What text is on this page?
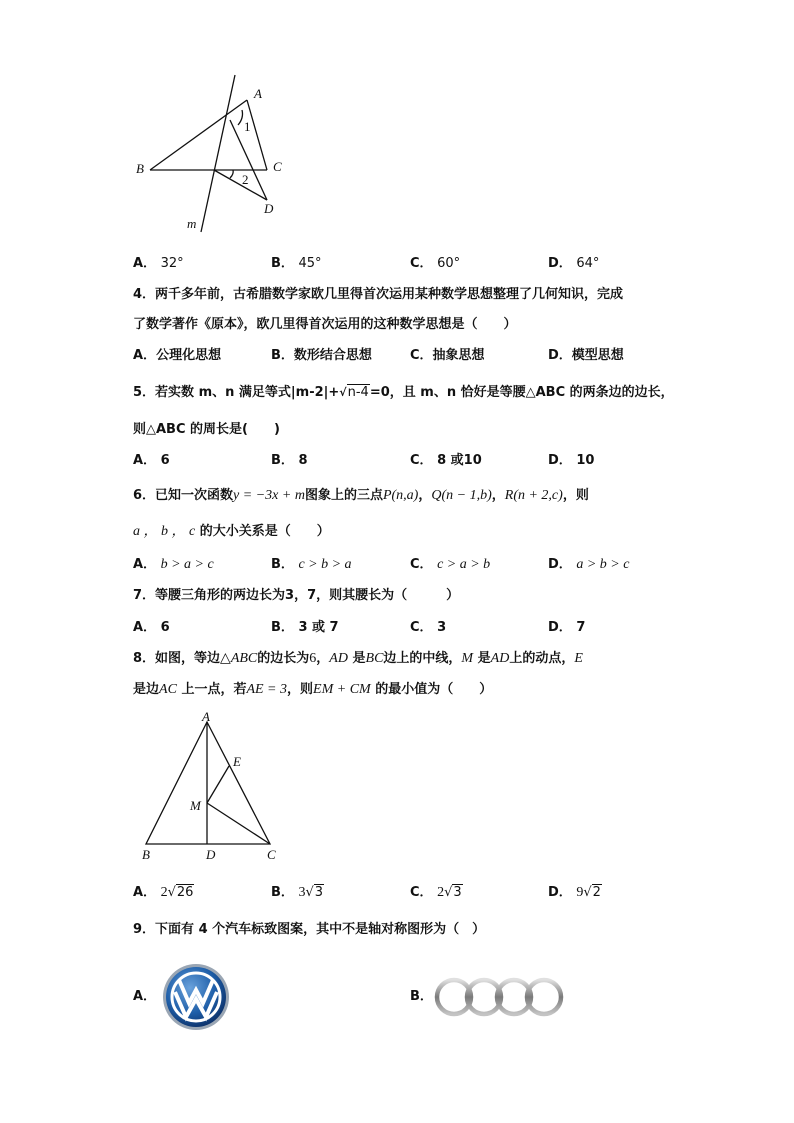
A
B	C
D
m
1
2
A． 32°	B． 45°	C． 60°	D． 64°
4．两千多年前，古希腊数学家欧几里得首次运用某种数学思想整理了几何知识，完成
了数学著作《原本》，欧几里得首次运用的这种数学思想是（　　）
A．公理化思想	B．数形结合思想	C．抽象思想	D．模型思想
5．若实数 m、n 满足等式|m-2|+√n-4=0，且 m、n 恰好是等腰△ABC 的两条边的边长，
则△ABC 的周长是(　　)
A． 6	B． 8	C． 8 或10	D． 10
6．已知一次函数y = −3x + m图象上的三点P(n,a)，Q(n − 1,b)，R(n + 2,c)，则
a ， b ， c 的大小关系是（　　）
A． b > a > c	B． c > b > a	C． c > a > b	D． a > b > c
7．等腰三角形的两边长为3，7，则其腰长为（　　　）
A． 6	B． 3 或 7	C． 3	D． 7
8．如图，等边△ABC的边长为6，AD 是BC边上的中线，M 是AD上的动点，E
是边AC 上一点，若AE = 3，则EM + CM 的最小值为（　　）
A
B	D	C
E
M
A． 2√26	B． 3√3	C． 2√3	D． 9√2
9．下面有 4 个汽车标致图案，其中不是轴对称图形为（　）
A．	B．
